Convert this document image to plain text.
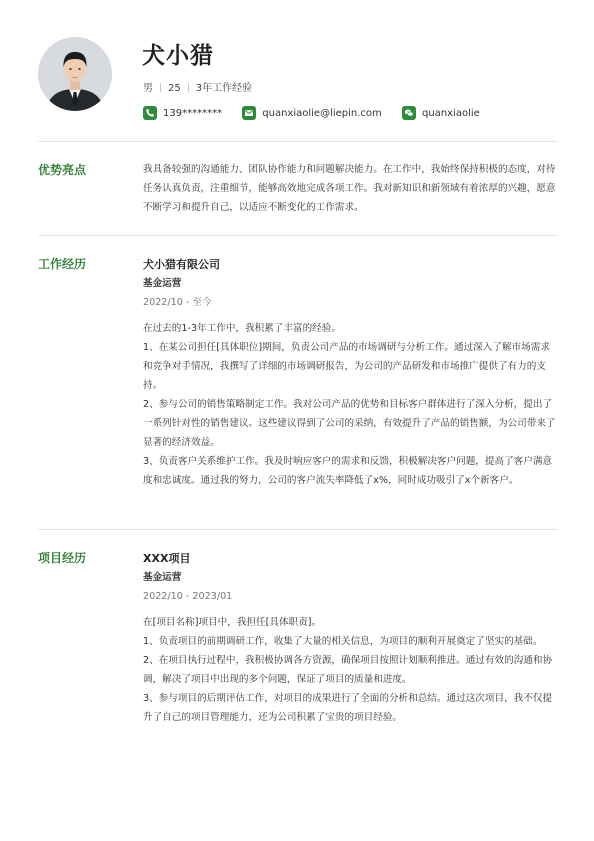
犬小猎
男 25 3年工作经验
139********
	quanxiaolie@liepin.com
	quanxiaolie
优势亮点	我具备较强的沟通能力、团队协作能力和问题解决能力。在工作中，我始终保持积极的态度，对待任务认真负责，注重细节，能够高效地完成各项工作。我对新知识和新领域有着浓厚的兴趣，愿意不断学习和提升自己，以适应不断变化的工作需求。
工作经历	犬小猎有限公司
基金运营
2022/10 - 至今

在过去的1-3年工作中，我积累了丰富的经验。

1、在某公司担任[具体职位]期间，负责公司产品的市场调研与分析工作。通过深入了解市场需求和竞争对手情况，我撰写了详细的市场调研报告，为公司的产品研发和市场推广提供了有力的支持。

2、参与公司的销售策略制定工作。我对公司产品的优势和目标客户群体进行了深入分析，提出了一系列针对性的销售建议。这些建议得到了公司的采纳，有效提升了产品的销售额，为公司带来了显著的经济效益。

3、负责客户关系维护工作。我及时响应客户的需求和反馈，积极解决客户问题，提高了客户满意度和忠诚度。通过我的努力，公司的客户流失率降低了x%，同时成功吸引了x个新客户。

项目经历	XXX项目
基金运营
2022/10 - 2023/01

在[项目名称]项目中，我担任[具体职责]。

1、负责项目的前期调研工作，收集了大量的相关信息，为项目的顺利开展奠定了坚实的基础。

2、在项目执行过程中，我积极协调各方资源，确保项目按照计划顺利推进。通过有效的沟通和协调，解决了项目中出现的多个问题，保证了项目的质量和进度。

3、参与项目的后期评估工作，对项目的成果进行了全面的分析和总结。通过这次项目，我不仅提升了自己的项目管理能力，还为公司积累了宝贵的项目经验。
